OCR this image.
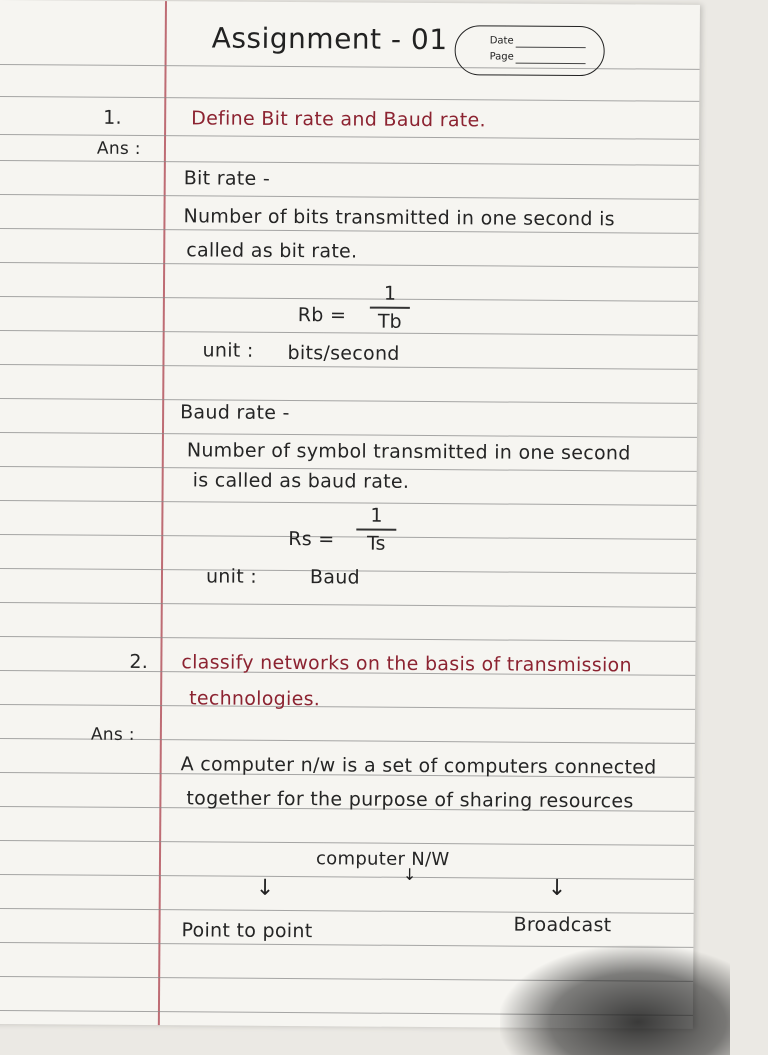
Assignment - 01	Date
Page
1.	Define Bit rate and Baud rate.
Ans :
Bit rate -
Number of bits transmitted in one second is
called as bit rate.
Rb =
1
Tb
unit : bits/second
Baud rate -
Number of symbol transmitted in one second
is called as baud rate.
Rs =
1
Ts
unit :	Baud
2. classify networks on the basis of transmission
technologies.
Ans :
A computer n/w is a set of computers connected
together for the purpose of sharing resources
computer N/W
↓
↓
↓
Point to point	Broadcast
